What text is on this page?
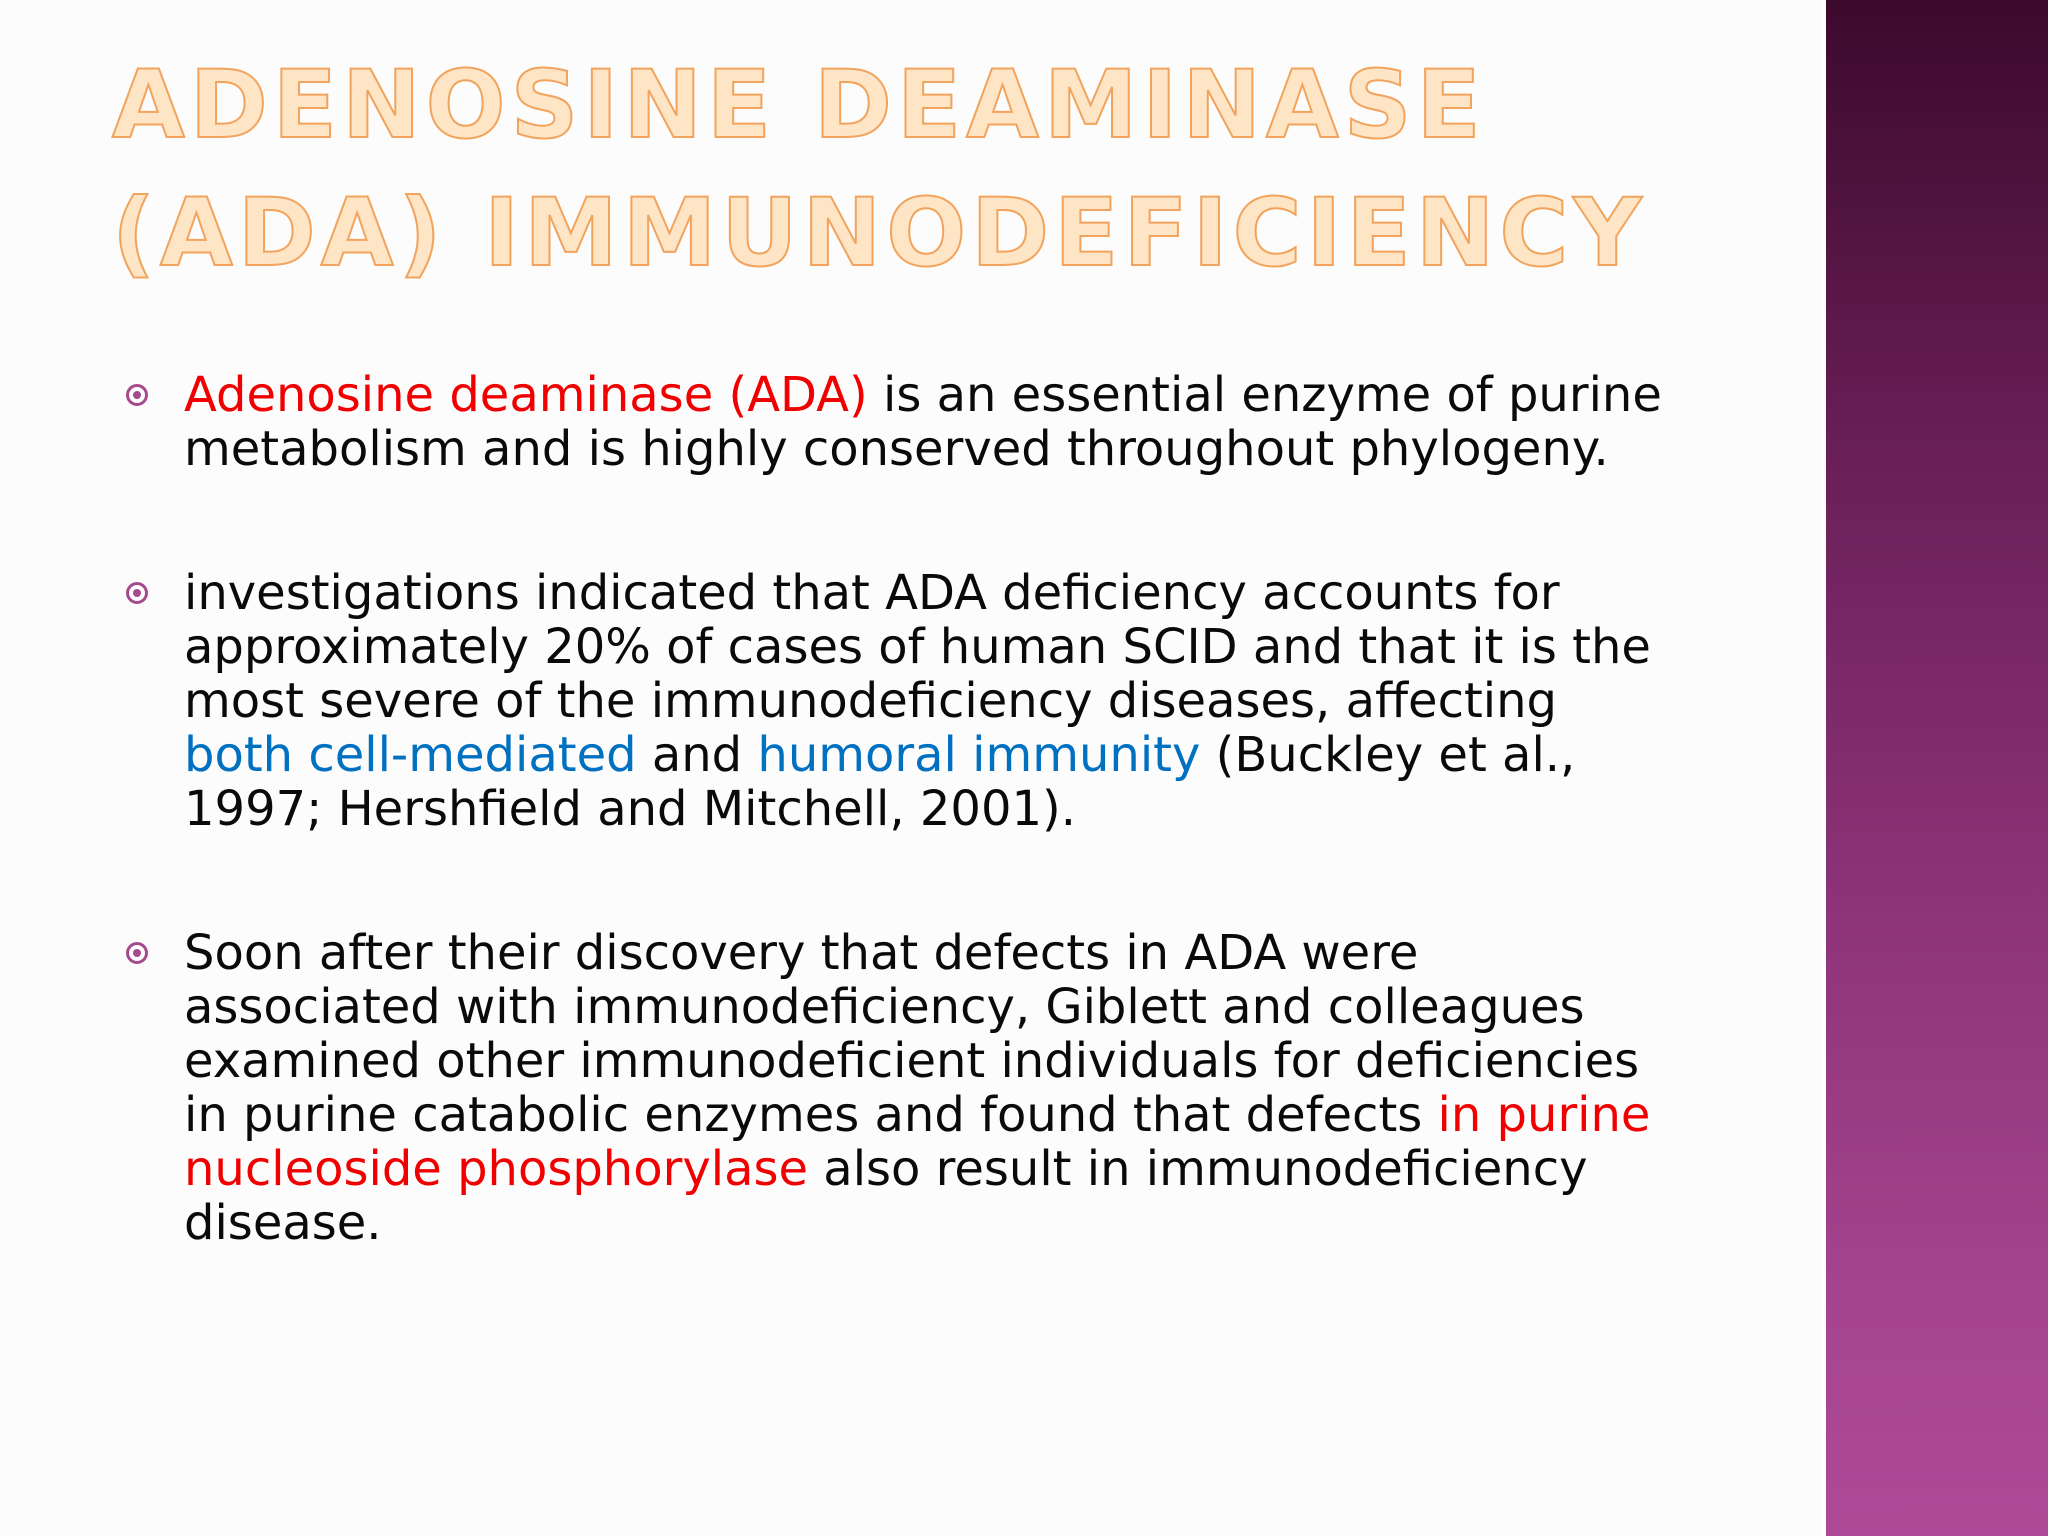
ADENOSINE DEAMINASE (ADA) IMMUNODEFICIENCY
Adenosine deaminase (ADA) is an essential enzyme of purine metabolism and is highly conserved throughout phylogeny.
investigations indicated that ADA deficiency accounts for approximately 20% of cases of human SCID and that it is the most severe of the immunodeficiency diseases, affecting both cell-mediated and humoral immunity (Buckley et al., 1997; Hershfield and Mitchell, 2001).
Soon after their discovery that defects in ADA were associated with immunodeficiency, Giblett and colleagues examined other immunodeficient individuals for deficiencies in purine catabolic enzymes and found that defects in purine nucleoside phosphorylase also result in immunodeficiency disease.
